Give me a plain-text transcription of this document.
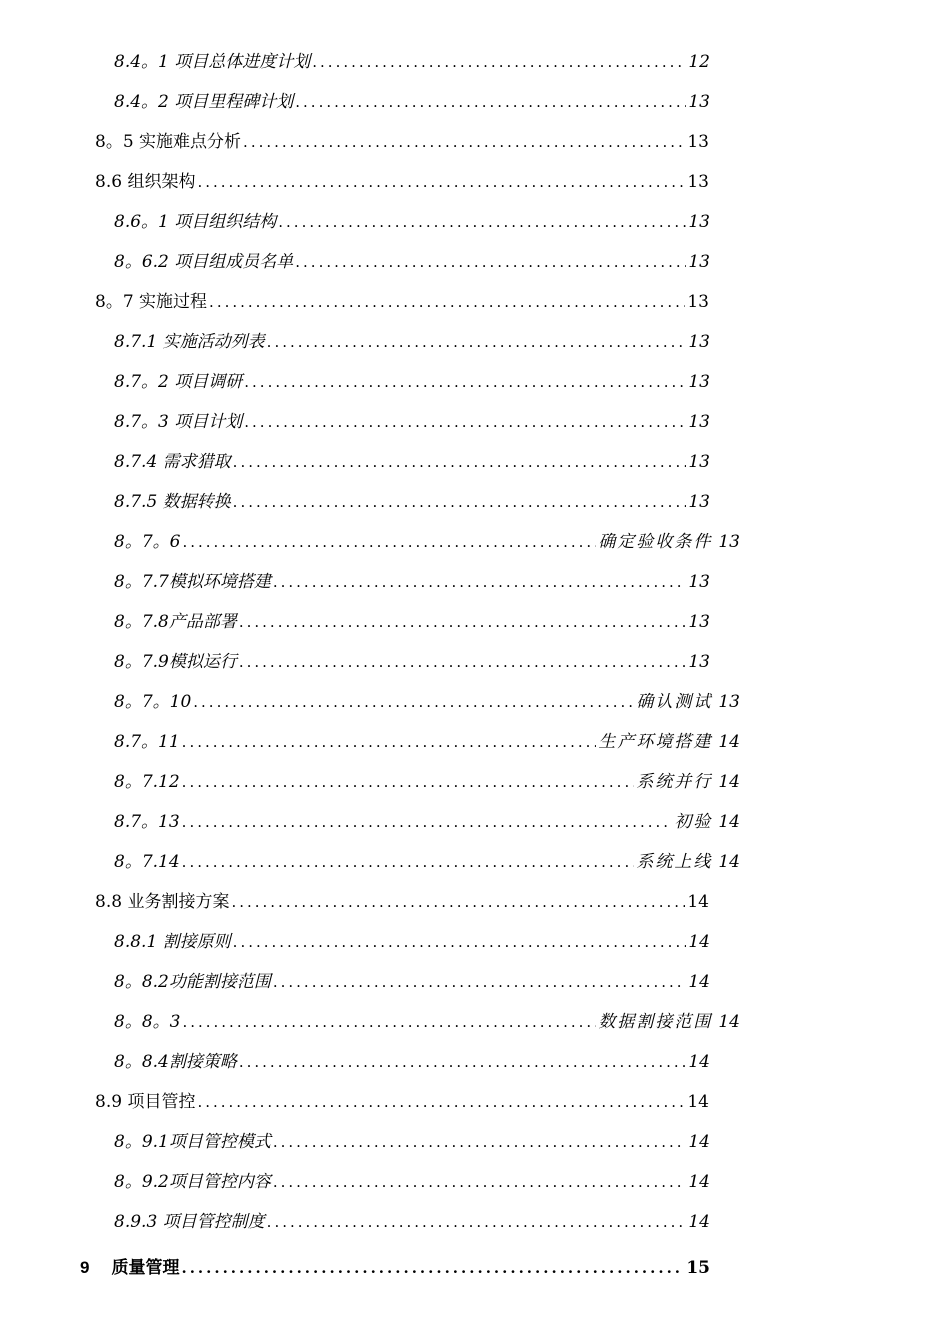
8.4。1 项目总体进度计划 .....	12
8.4。2 项目里程碑计划 .....	13
8。5 实施难点分析 .....	13
8.6 组织架构 .....	13
8.6。1 项目组织结构 .....	13
8。6.2 项目组成员名单 .....	13
8。7 实施过程 .....	13
8.7.1 实施活动列表 .....	13
8.7。2 项目调研 .....	13
8.7。3 项目计划 .....	13
8.7.4 需求猎取 .....	13
8.7.5 数据转换 .....	13
8。7。6 .....	确定验收条件 13
8。7.7模拟环境搭建 .....	13
8。7.8产品部署 .....	13
8。7.9模拟运行 .....	13
8。7。10 .....	确认测试 13
8.7。11 .....	生产环境搭建 14
8。7.12 .....	系统并行 14
8.7。13 .....	初验 14
8。7.14 .....	系统上线 14
8.8 业务割接方案 .....	14
8.8.1 割接原则 .....	14
8。8.2功能割接范围 .....	14
8。8。3 .....	数据割接范围 14
8。8.4割接策略 .....	14
8.9 项目管控 .....	14
8。9.1项目管控模式 .....	14
8。9.2项目管控内容 .....	14
8.9.3 项目管控制度 .....	14
9 质量管理 .....	15
